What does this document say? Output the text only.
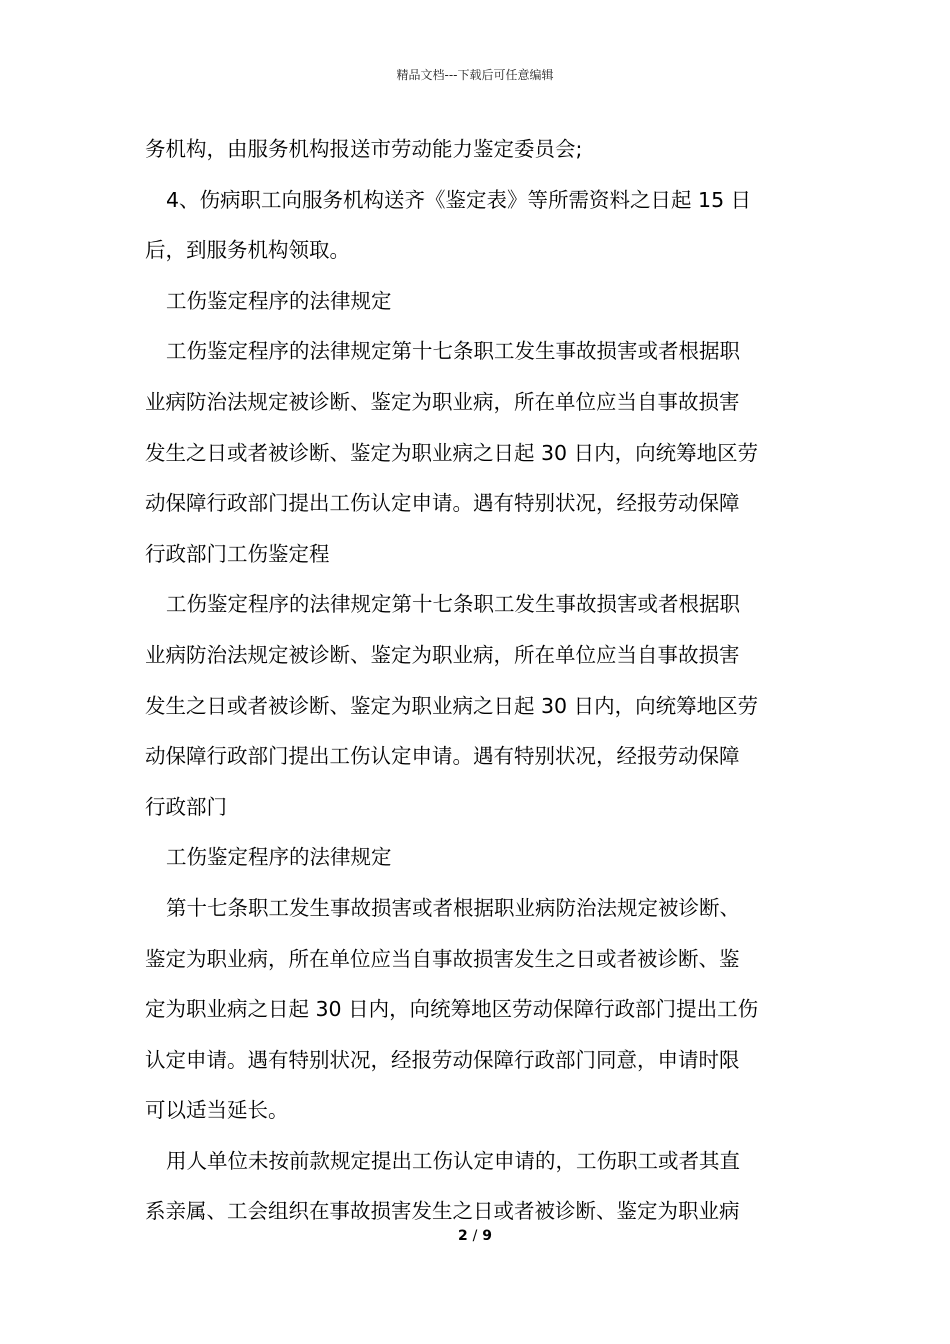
精品文档---下载后可任意编辑
务机构，由服务机构报送市劳动能力鉴定委员会;
4、伤病职工向服务机构送齐《鉴定表》等所需资料之日起 15 日
后，到服务机构领取。
工伤鉴定程序的法律规定
工伤鉴定程序的法律规定第十七条职工发生事故损害或者根据职
业病防治法规定被诊断、鉴定为职业病，所在单位应当自事故损害
发生之日或者被诊断、鉴定为职业病之日起 30 日内，向统筹地区劳
动保障行政部门提出工伤认定申请。遇有特别状况，经报劳动保障
行政部门工伤鉴定程
工伤鉴定程序的法律规定第十七条职工发生事故损害或者根据职
业病防治法规定被诊断、鉴定为职业病，所在单位应当自事故损害
发生之日或者被诊断、鉴定为职业病之日起 30 日内，向统筹地区劳
动保障行政部门提出工伤认定申请。遇有特别状况，经报劳动保障
行政部门
工伤鉴定程序的法律规定
第十七条职工发生事故损害或者根据职业病防治法规定被诊断、
鉴定为职业病，所在单位应当自事故损害发生之日或者被诊断、鉴
定为职业病之日起 30 日内，向统筹地区劳动保障行政部门提出工伤
认定申请。遇有特别状况，经报劳动保障行政部门同意，申请时限
可以适当延长。
用人单位未按前款规定提出工伤认定申请的，工伤职工或者其直
系亲属、工会组织在事故损害发生之日或者被诊断、鉴定为职业病
2 / 9
